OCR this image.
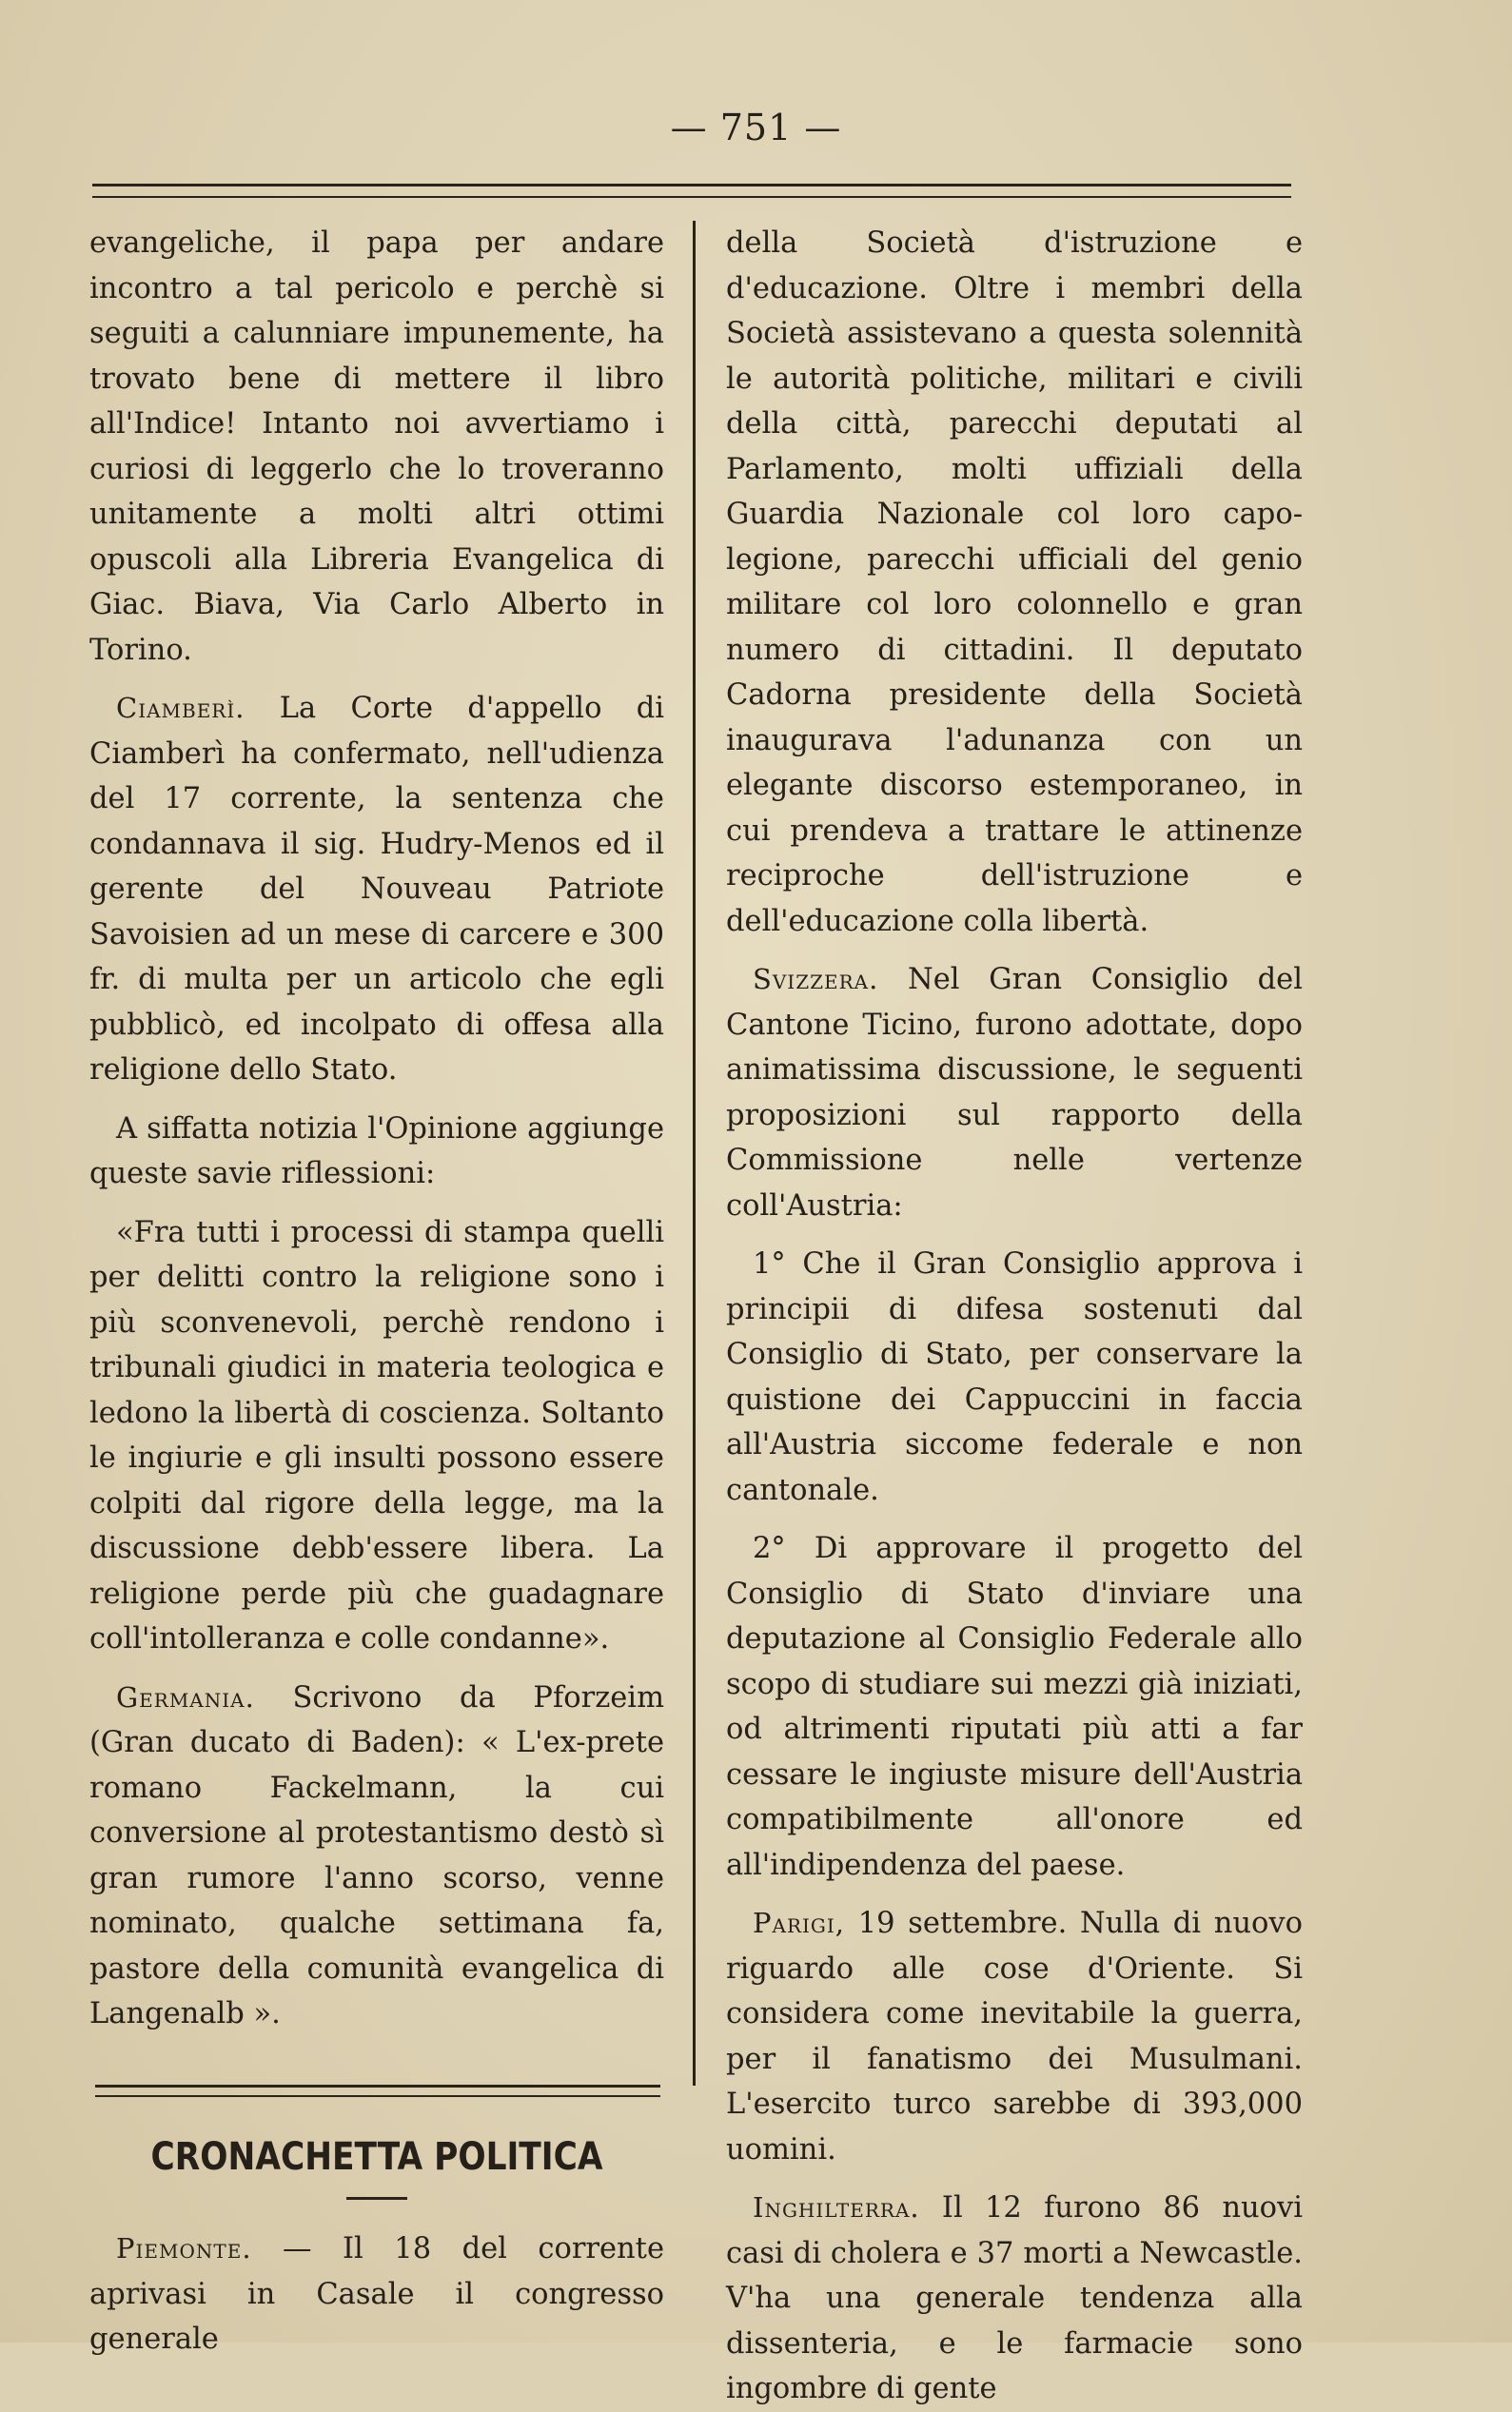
— 751 —

evangeliche, il papa per andare incontro a tal pericolo e perchè si seguiti a calunniare impunemente, ha trovato bene di mettere il libro all'Indice! Intanto noi avvertiamo i curiosi di leggerlo che lo troveranno unitamente a molti altri ottimi opuscoli alla Libreria Evangelica di Giac. Biava, Via Carlo Alberto in Torino.

Ciamberì. La Corte d'appello di Ciamberì ha confermato, nell'udienza del 17 corrente, la sentenza che condannava il sig. Hudry-Menos ed il gerente del Nouveau Patriote Savoisien ad un mese di carcere e 300 fr. di multa per un articolo che egli pubblicò, ed incolpato di offesa alla religione dello Stato.

A siffatta notizia l'Opinione aggiunge queste savie riflessioni:

«Fra tutti i processi di stampa quelli per delitti contro la religione sono i più sconvenevoli, perchè rendono i tribunali giudici in materia teologica e ledono la libertà di coscienza. Soltanto le ingiurie e gli insulti possono essere colpiti dal rigore della legge, ma la discussione debb'essere libera. La religione perde più che guadagnare coll'intolleranza e colle condanne».

Germania. Scrivono da Pforzeim (Gran ducato di Baden): « L'ex-prete romano Fackelmann, la cui conversione al protestantismo destò sì gran rumore l'anno scorso, venne nominato, qualche settimana fa, pastore della comunità evangelica di Langenalb ».

CRONACHETTA POLITICA

Piemonte. — Il 18 del corrente aprivasi in Casale il congresso generale

della Società d'istruzione e d'educazione. Oltre i membri della Società assistevano a questa solennità le autorità politiche, militari e civili della città, parecchi deputati al Parlamento, molti uffiziali della Guardia Nazionale col loro capo-legione, parecchi ufficiali del genio militare col loro colonnello e gran numero di cittadini. Il deputato Cadorna presidente della Società inaugurava l'adunanza con un elegante discorso estemporaneo, in cui prendeva a trattare le attinenze reciproche dell'istruzione e dell'educazione colla libertà.

Svizzera. Nel Gran Consiglio del Cantone Ticino, furono adottate, dopo animatissima discussione, le seguenti proposizioni sul rapporto della Commissione nelle vertenze coll'Austria:

1° Che il Gran Consiglio approva i principii di difesa sostenuti dal Consiglio di Stato, per conservare la quistione dei Cappuccini in faccia all'Austria siccome federale e non cantonale.

2° Di approvare il progetto del Consiglio di Stato d'inviare una deputazione al Consiglio Federale allo scopo di studiare sui mezzi già iniziati, od altrimenti riputati più atti a far cessare le ingiuste misure dell'Austria compatibilmente all'onore ed all'indipendenza del paese.

Parigi, 19 settembre. Nulla di nuovo riguardo alle cose d'Oriente. Si considera come inevitabile la guerra, per il fanatismo dei Musulmani. L'esercito turco sarebbe di 393,000 uomini.

Inghilterra. Il 12 furono 86 nuovi casi di cholera e 37 morti a Newcastle. V'ha una generale tendenza alla dissenteria, e le farmacie sono ingombre di gente
